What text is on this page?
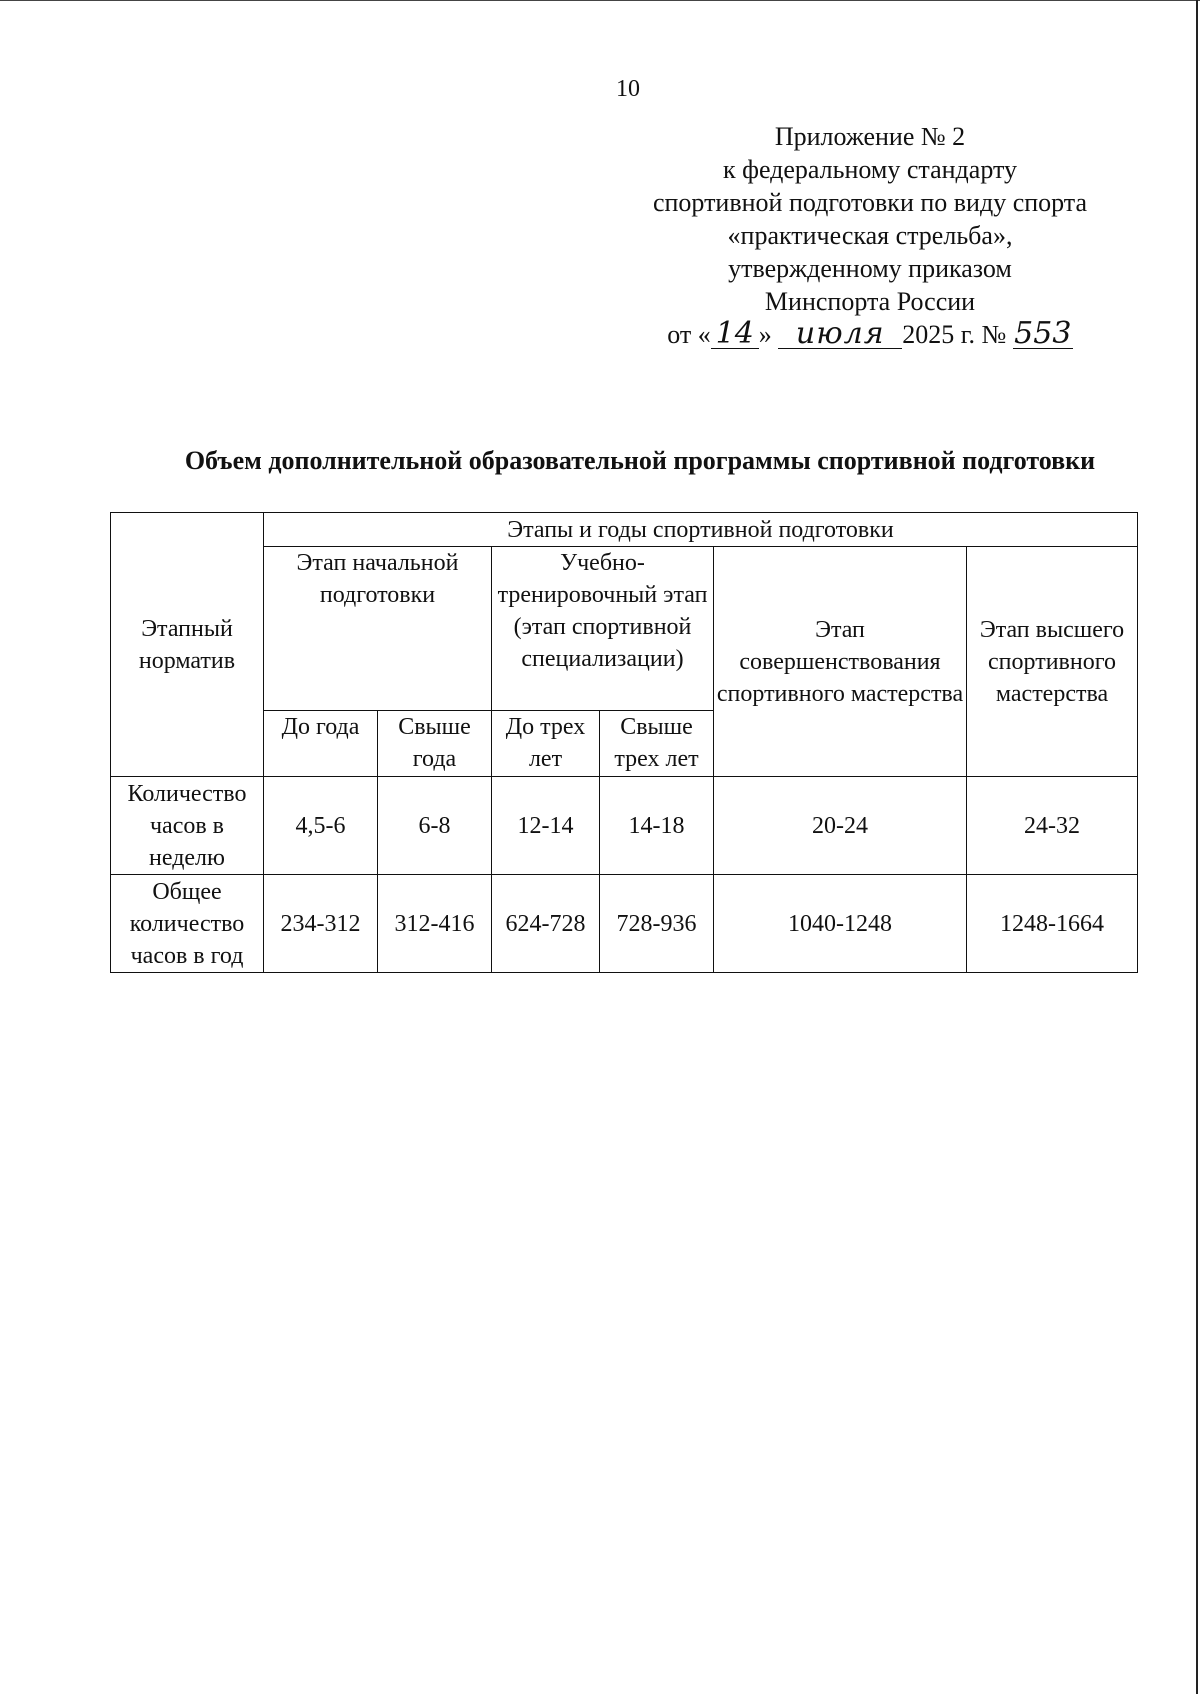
10
Приложение № 2
к федеральному стандарту
спортивной подготовки по виду спорта
«практическая стрельба»,
утвержденному приказом
Минспорта России
от « 14 » июля 2025 г. № 553
Объем дополнительной образовательной программы спортивной подготовки
Этапный норматив	Этапы и годы спортивной подготовки					
	Этап начальной подготовки		Учебно-тренировочный этап (этап спортивной специализации)		Этап совершенствования спортивного мастерства	Этап высшего спортивного мастерства
	До года	Свыше года	До трех лет	Свыше трех лет		
Количество часов в неделю	4,5-6	6-8	12-14	14-18	20-24	24-32
Общее количество часов в год	234-312	312-416	624-728	728-936	1040-1248	1248-1664
